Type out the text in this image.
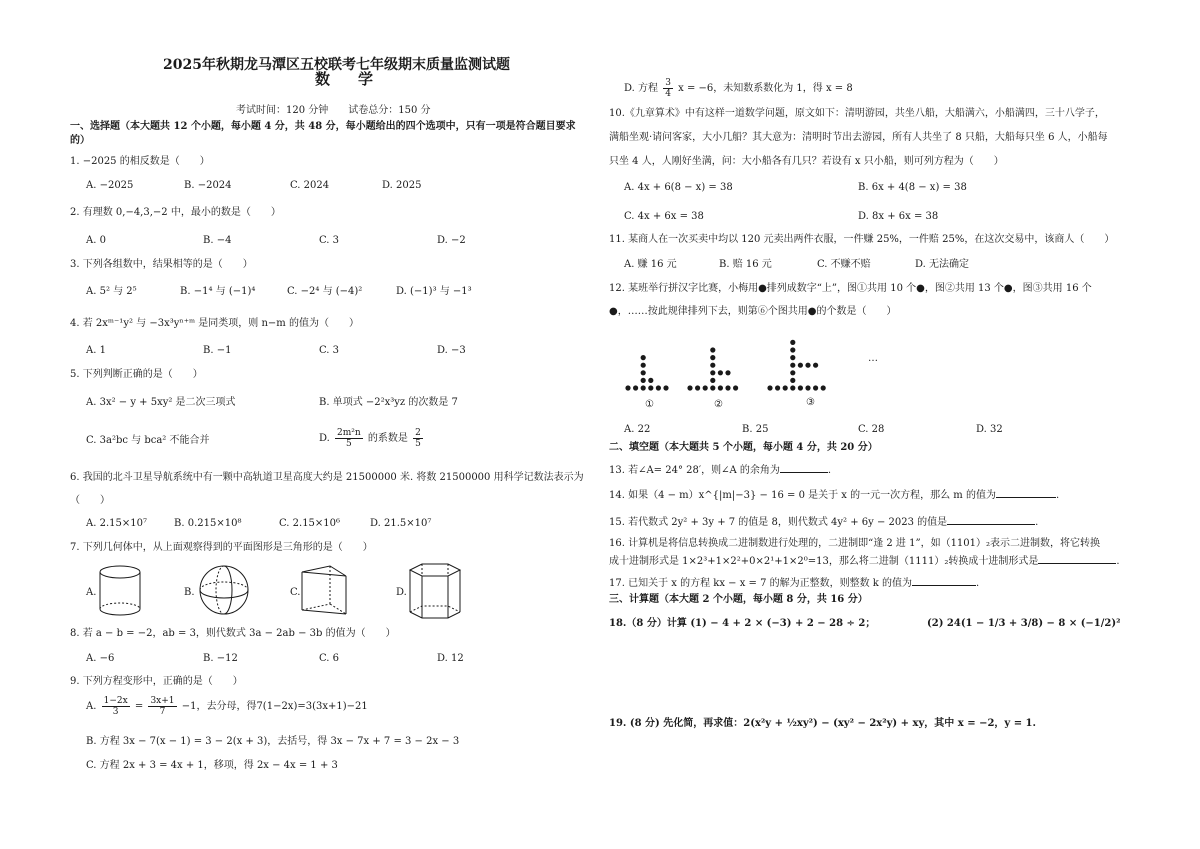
2025年秋期龙马潭区五校联考七年级期末质量监测试题
数学
考试时间：120 分钟　　试卷总分：150 分
一、选择题（本大题共 12 个小题，每小题 4 分，共 48 分，每小题给出的四个选项中，只有一项是符合题目要求
的）
1. −2025 的相反数是（　　）
A. −2025	B. −2024	C. 2024	D. 2025
2. 有理数 0,−4,3,−2 中，最小的数是（　　）
A. 0	B. −4	C. 3	D. −2
3. 下列各组数中，结果相等的是（　　）
A. 5² 与 2⁵	B. −1⁴ 与 (−1)⁴	C. −2⁴ 与 (−4)²	D. (−1)³ 与 −1³
4. 若 2xᵐ⁻¹y² 与 −3x³yⁿ⁺ᵐ 是同类项，则 n−m 的值为（　　）
A. 1	B. −1	C. 3	D. −3
5. 下列判断正确的是（　　）
A. 3x² − y + 5xy² 是二次三项式	B. 单项式 −2²x³yz 的次数是 7
C. 3a²bc 与 bca² 不能合并	D. $\frac{\text{2m²n}}{5}$ 的系数是 $\frac{2}{5}$
6. 我国的北斗卫星导航系统中有一颗中高轨道卫星高度大约是 21500000 米. 将数 21500000 用科学记数法表示为
（　　）
A. 2.15×10⁷	B. 0.215×10⁸	C. 2.15×10⁶	D. 21.5×10⁷
7. 下列几何体中，从上面观察得到的平面图形是三角形的是（　　）
A.	B.	C.	D.
8. 若 a − b = −2，ab = 3，则代数式 3a − 2ab − 3b 的值为（　　）
A. −6	B. −12	C. 6	D. 12
9. 下列方程变形中，正确的是（　　）
A. $\frac{1-2x}{3} = \frac{3x+1}{7} -1$，去分母，得7(1−2x)=3(3x+1)−21
B. 方程 3x − 7(x − 1) = 3 − 2(x + 3)，去括号，得 3x − 7x + 7 = 3 − 2x − 3
C. 方程 2x + 3 = 4x + 1，移项，得 2x − 4x = 1 + 3
D. 方程 $\frac{3}{4}$ x = −6，未知数系数化为 1，得 x = 8
10.《九章算术》中有这样一道数学问题，原文如下：清明游园，共坐八船，大船满六，小船满四，三十八学子，
满船坐观·请问客家，大小几船？其大意为：清明时节出去游园，所有人共坐了 8 只船，大船每只坐 6 人，小船每
只坐 4 人，人刚好坐满，问：大小船各有几只？若设有 x 只小船，则可列方程为（　　）
A. 4x + 6(8 − x) = 38	B. 6x + 4(8 − x) = 38
C. 4x + 6x = 38	D. 8x + 6x = 38
11. 某商人在一次买卖中均以 120 元卖出两件衣服，一件赚 25%，一件赔 25%，在这次交易中，该商人（　　）
A. 赚 16 元	B. 赔 16 元	C. 不赚不赔	D. 无法确定
12. 某班举行拼汉字比赛，小梅用●排列成数字“上”，图①共用 10 个●，图②共用 13 个●，图③共用 16 个
●，……按此规律排列下去，则第⑥个图共用●的个数是（　　）
①	②	③
…
A. 22	B. 25	C. 28	D. 32
二、填空题（本大题共 5 个小题，每小题 4 分，共 20 分）
13. 若∠A= 24° 28′，则∠A 的余角为	.
14. 如果（4 − m）x^{|m|−3} − 16 = 0 是关于 x 的一元一次方程，那么 m 的值为	.
15. 若代数式 2y² + 3y + 7 的值是 8，则代数式 4y² + 6y − 2023 的值是	.
16. 计算机是将信息转换成二进制数进行处理的，二进制即“逢 2 进 1”，如（1101）₂表示二进制数，将它转换
成十进制形式是 1×2³+1×2²+0×2¹+1×2⁰=13，那么将二进制（1111）₂转换成十进制形式是	.
17. 已知关于 x 的方程 kx − x = 7 的解为正整数，则整数 k 的值为	.
三、计算题（本大题 2 个小题，每小题 8 分，共 16 分）
18.（8 分）计算 (1) − 4 + 2 × (−3) + 2 − 28 ÷ 2；	(2) 24(1 − 1/3 + 3/8) − 8 × (−1/2)²
19. (8 分) 先化简，再求值：2(x²y + ½xy²) − (xy² − 2x²y) + xy，其中 x = −2，y = 1.
